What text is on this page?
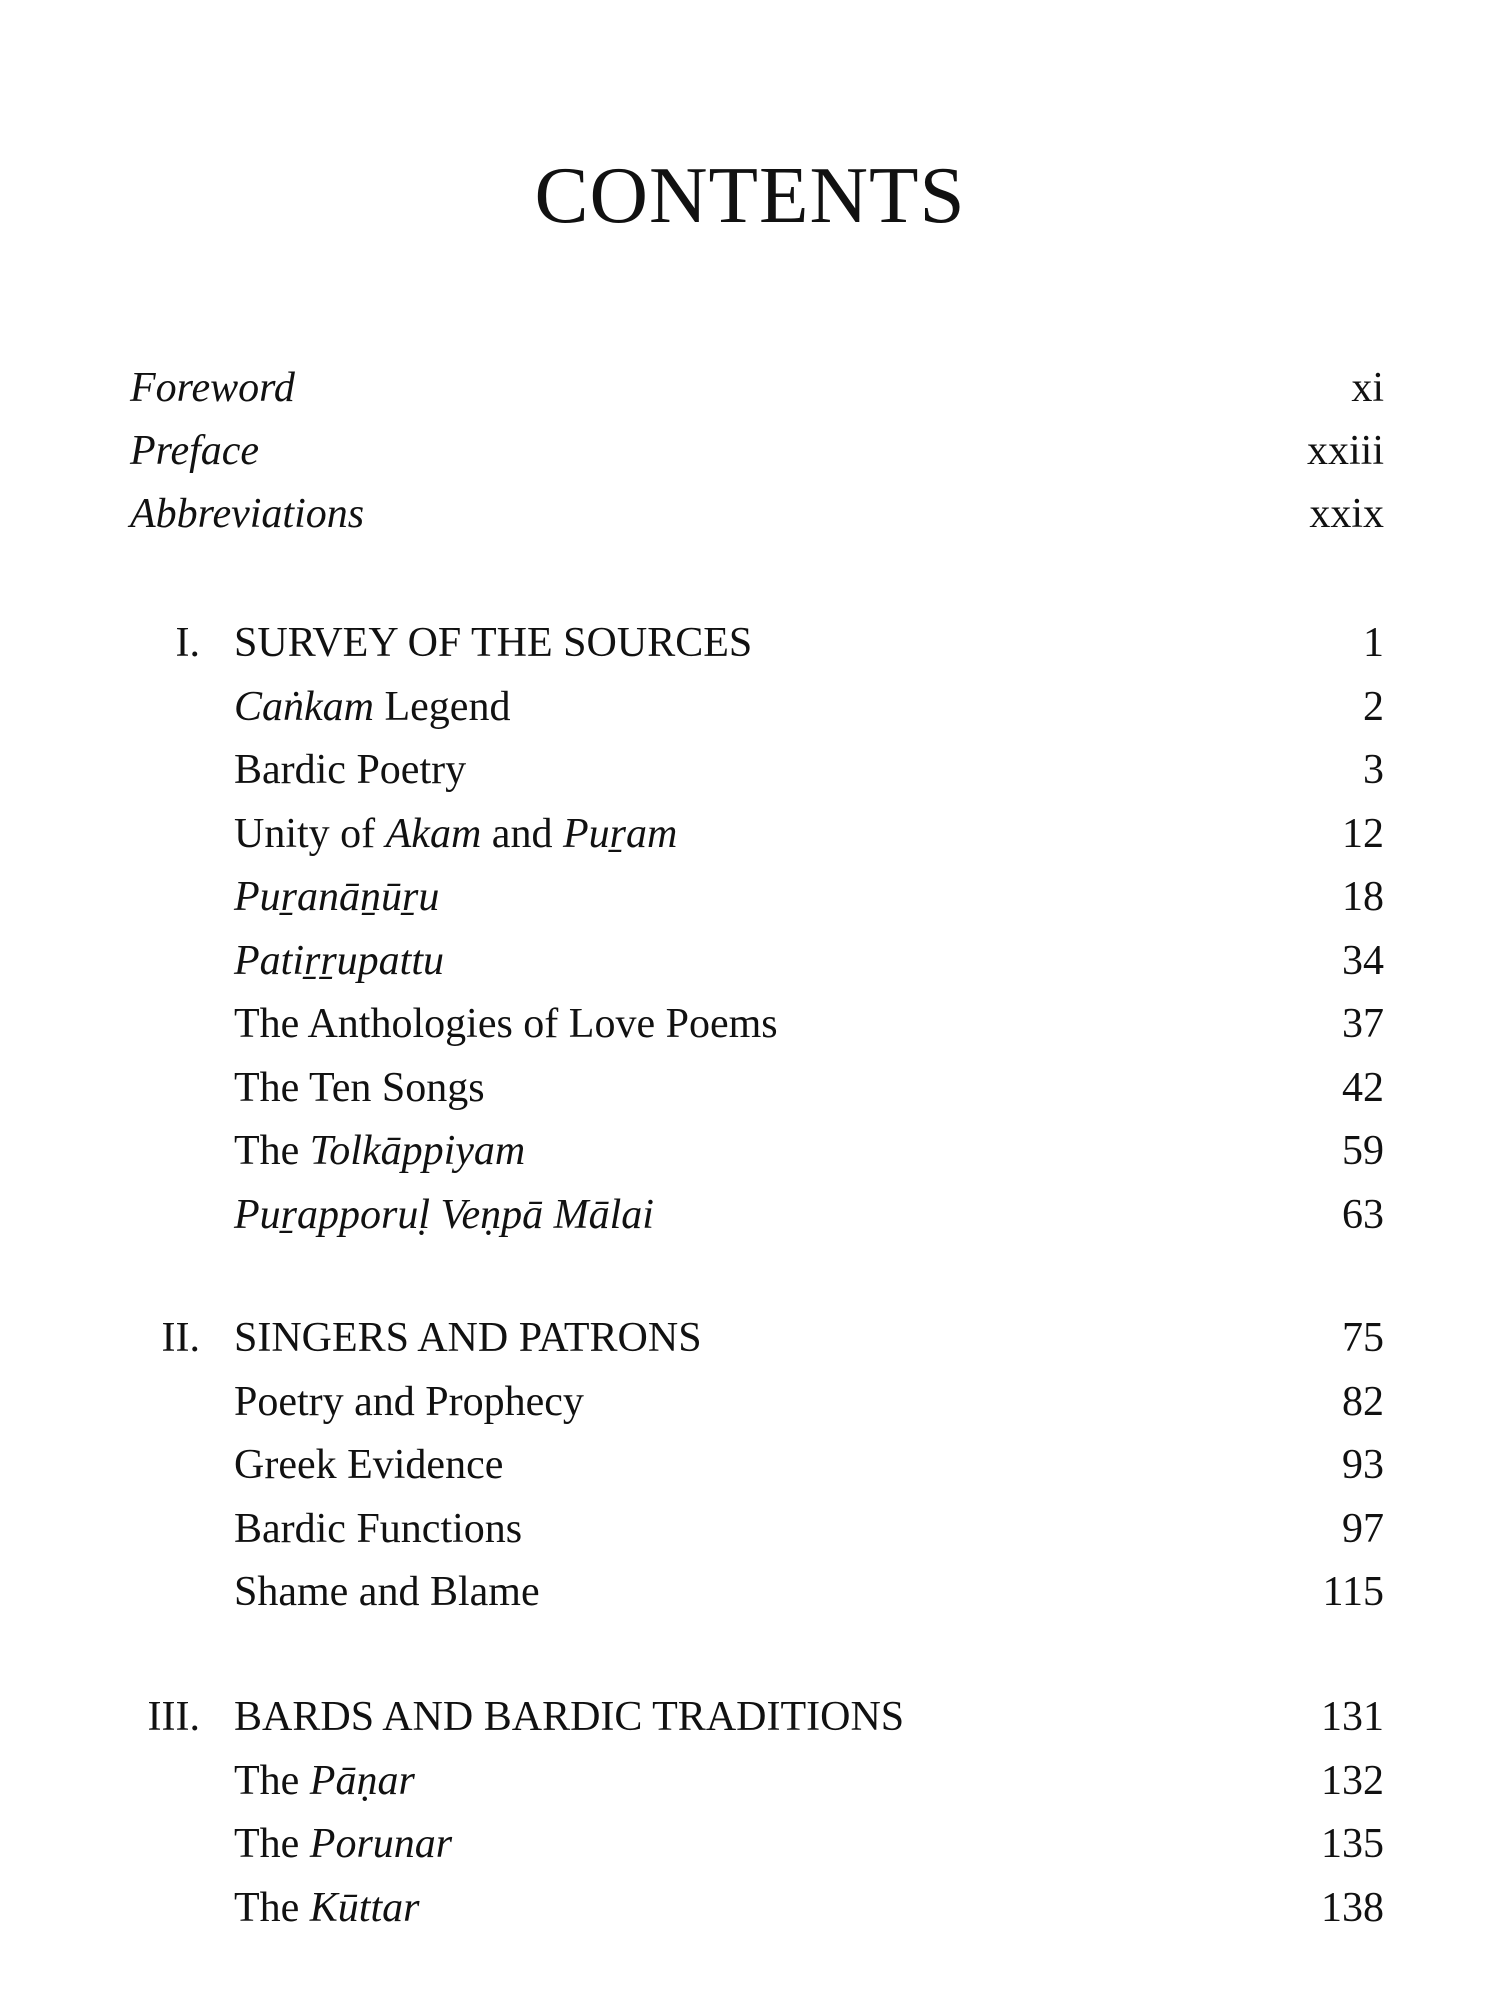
CONTENTS
Foreword	xi
Preface	xxiii
Abbreviations	xxix
I. SURVEY OF THE SOURCES	1
Caṅkam Legend	2
Bardic Poetry	3
Unity of Akam and Puṟam	12
Puṟanāṉūṟu	18
Patiṟṟupattu	34
The Anthologies of Love Poems	37
The Ten Songs	42
The Tolkāppiyam	59
Puṟapporuḷ Veṇpā Mālai	63
II. SINGERS AND PATRONS	75
Poetry and Prophecy	82
Greek Evidence	93
Bardic Functions	97
Shame and Blame	115
III. BARDS AND BARDIC TRADITIONS	131
The Pāṇar	132
The Porunar	135
The Kūttar	138
